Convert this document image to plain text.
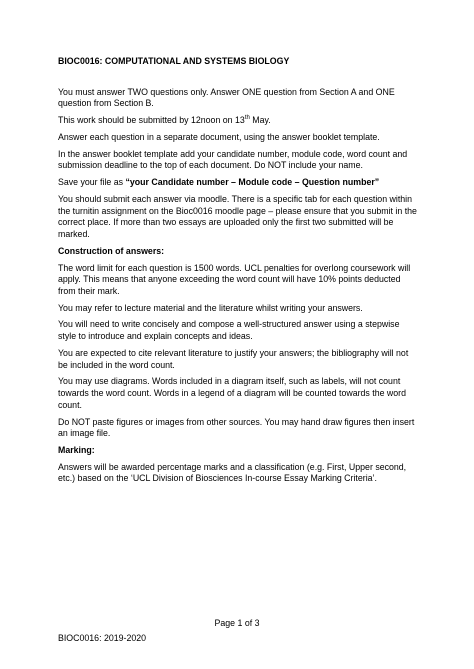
BIOC0016: COMPUTATIONAL AND SYSTEMS BIOLOGY

You must answer TWO questions only. Answer ONE question from Section A and ONE question from Section B.

This work should be submitted by 12noon on 13th May.

Answer each question in a separate document, using the answer booklet template.

In the answer booklet template add your candidate number, module code, word count and submission deadline to the top of each document. Do NOT include your name.

Save your file as “your Candidate number – Module code – Question number”

You should submit each answer via moodle. There is a specific tab for each question within the turnitin assignment on the Bioc0016 moodle page – please ensure that you submit in the correct place. If more than two essays are uploaded only the first two submitted will be marked.

Construction of answers:

The word limit for each question is 1500 words. UCL penalties for overlong coursework will apply. This means that anyone exceeding the word count will have 10% points deducted from their mark.

You may refer to lecture material and the literature whilst writing your answers.

You will need to write concisely and compose a well-structured answer using a stepwise style to introduce and explain concepts and ideas.

You are expected to cite relevant literature to justify your answers; the bibliography will not be included in the word count.

You may use diagrams. Words included in a diagram itself, such as labels, will not count towards the word count. Words in a legend of a diagram will be counted towards the word count.

Do NOT paste figures or images from other sources. You may hand draw figures then insert an image file.

Marking:

Answers will be awarded percentage marks and a classification (e.g. First, Upper second, etc.) based on the ‘UCL Division of Biosciences In-course Essay Marking Criteria’.

Page 1 of 3
BIOC0016: 2019-2020
